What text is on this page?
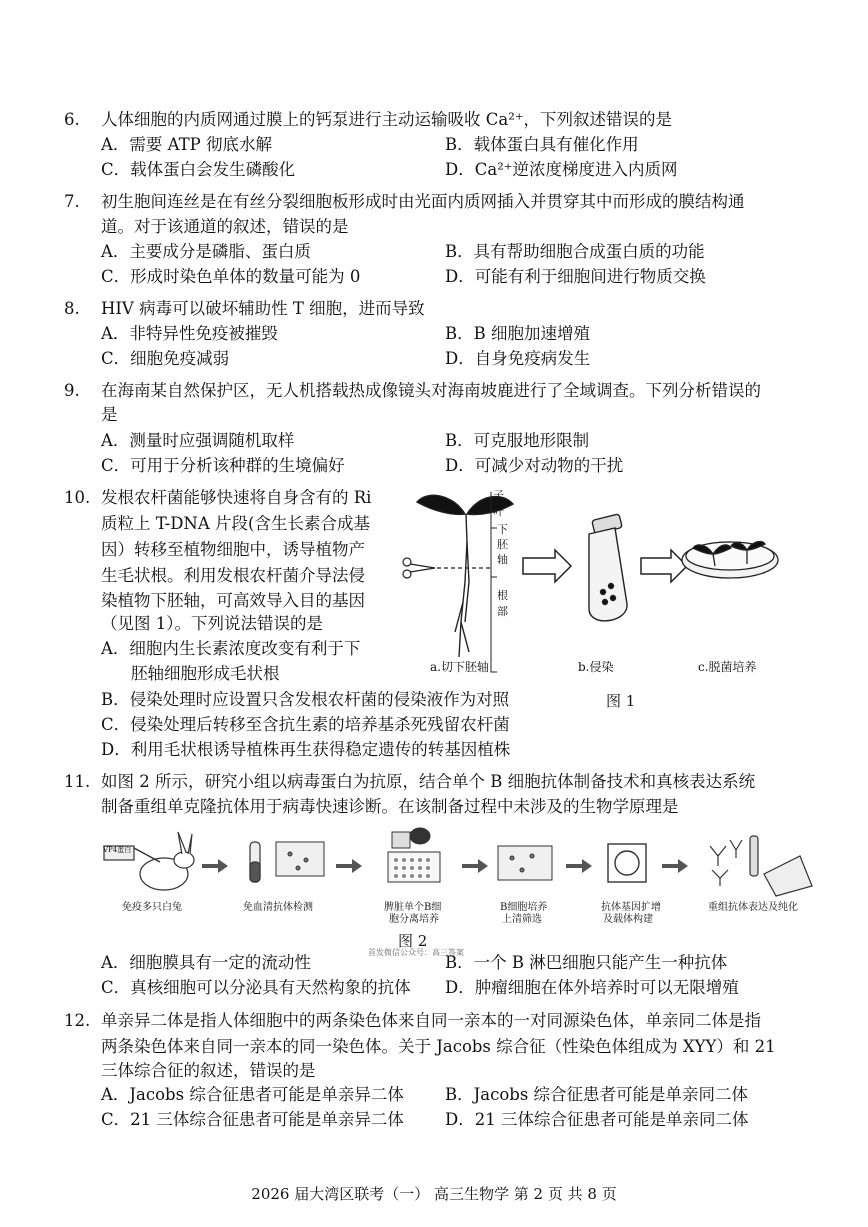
6. 人体细胞的内质网通过膜上的钙泵进行主动运输吸收 Ca²⁺，下列叙述错误的是
A．需要 ATP 彻底水解	B．载体蛋白具有催化作用
C．载体蛋白会发生磷酸化	D．Ca²⁺逆浓度梯度进入内质网
7. 初生胞间连丝是在有丝分裂细胞板形成时由光面内质网插入并贯穿其中而形成的膜结构通
道。对于该通道的叙述，错误的是
A．主要成分是磷脂、蛋白质	B．具有帮助细胞合成蛋白质的功能
C．形成时染色单体的数量可能为 0	D．可能有利于细胞间进行物质交换
8. HIV 病毒可以破坏辅助性 T 细胞，进而导致
A．非特异性免疫被摧毁	B．B 细胞加速增殖
C．细胞免疫减弱	D．自身免疫病发生
9. 在海南某自然保护区，无人机搭载热成像镜头对海南坡鹿进行了全域调查。下列分析错误的
是
A．测量时应强调随机取样	B．可克服地形限制
C．可用于分析该种群的生境偏好	D．可减少对动物的干扰
10. 发根农杆菌能够快速将自身含有的 Ri
质粒上 T-DNA 片段(含生长素合成基
因）转移至植物细胞中，诱导植物产
生毛状根。利用发根农杆菌介导法侵
染植物下胚轴，可高效导入目的基因
（见图 1）。下列说法错误的是
A．细胞内生长素浓度改变有利于下
胚轴细胞形成毛状根
B．侵染处理时应设置只含发根农杆菌的侵染液作为对照
C．侵染处理后转移至含抗生素的培养基杀死残留农杆菌
D．利用毛状根诱导植株再生获得稳定遗传的转基因植株
子叶
下胚轴
根部
a.切下胚轴	b.侵染	c.脱菌培养
图 1
11. 如图 2 所示，研究小组以病毒蛋白为抗原，结合单个 B 细胞抗体制备技术和真核表达系统
制备重组单克隆抗体用于病毒快速诊断。在该制备过程中未涉及的生物学原理是
VP4蛋白
免疫多只白兔	免血清抗体检测	脾脏单个B细
胞分离培养
B细胞培养
上清筛选
抗体基因扩增
及载体构建
重组抗体表达及纯化
图 2
首发微信公众号：高三答案
A．细胞膜具有一定的流动性	B．一个 B 淋巴细胞只能产生一种抗体
C．真核细胞可以分泌具有天然构象的抗体 D．肿瘤细胞在体外培养时可以无限增殖
12. 单亲异二体是指人体细胞中的两条染色体来自同一亲本的一对同源染色体，单亲同二体是指
两条染色体来自同一亲本的同一染色体。关于 Jacobs 综合征（性染色体组成为 XYY）和 21
三体综合征的叙述，错误的是
A．Jacobs 综合征患者可能是单亲异二体 B．Jacobs 综合征患者可能是单亲同二体
C．21 三体综合征患者可能是单亲异二体 D．21 三体综合征患者可能是单亲同二体
2026 届大湾区联考（一） 高三生物学 第 2 页 共 8 页
